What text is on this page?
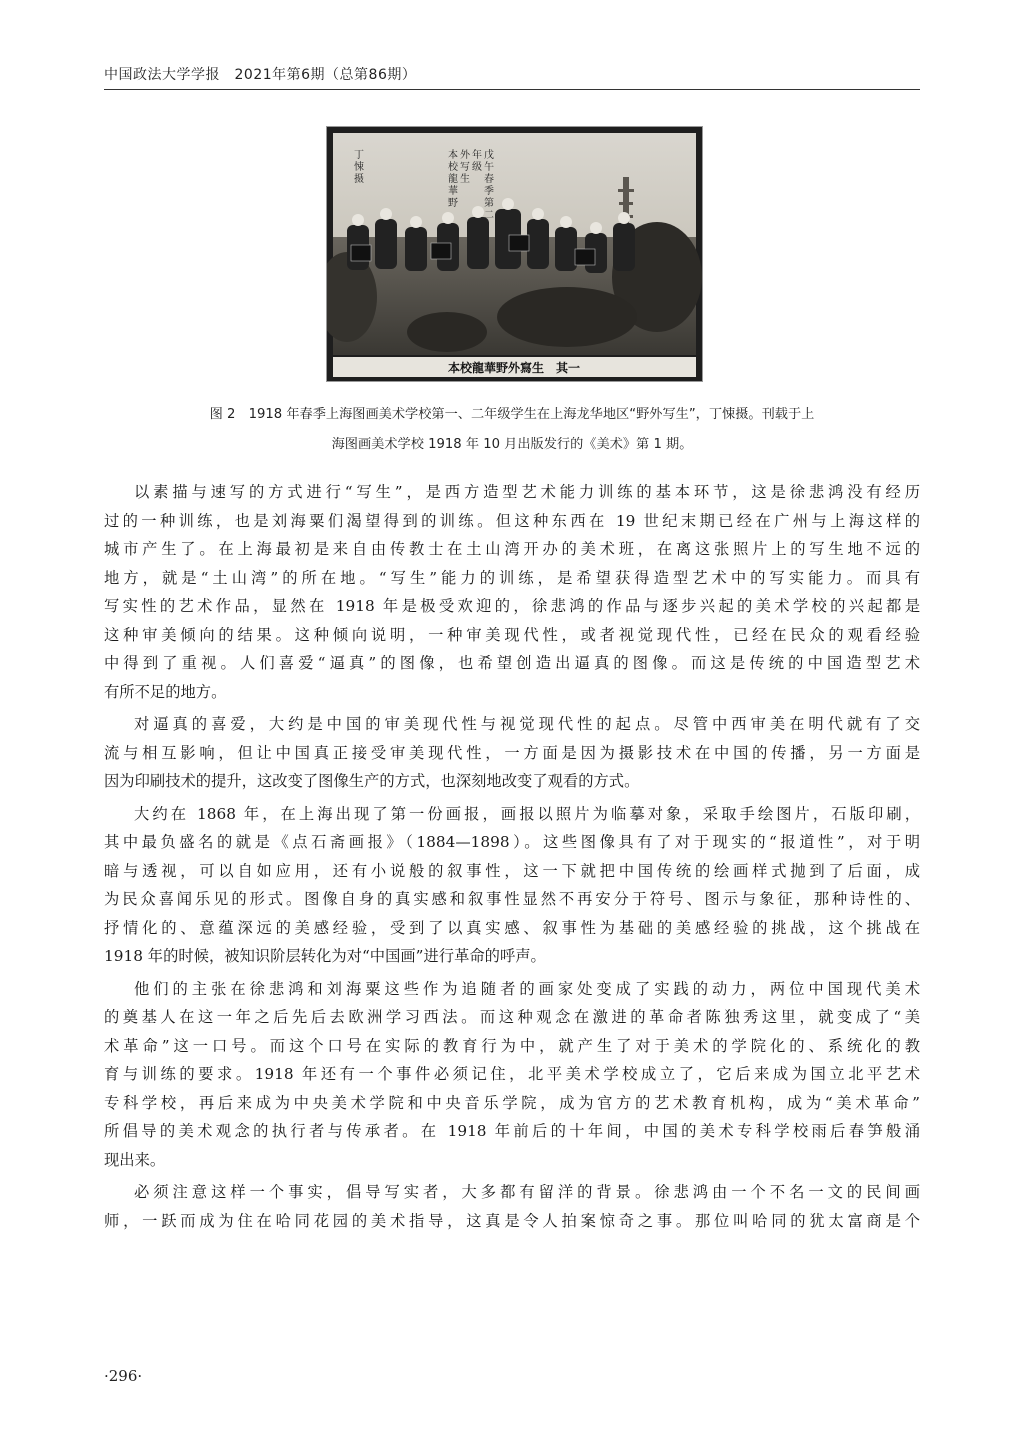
中国政法大学学报　2021年第6期（总第86期）
戊午春季第二
年级
外写生
本校龍華野
丁悚摄
本校龍華野外寫生　其一
图 2　1918 年春季上海图画美术学校第一、二年级学生在上海龙华地区“野外写生”，丁悚摄。刊载于上
海图画美术学校 1918 年 10 月出版发行的《美术》第 1 期。
以素描与速写的方式进行“写生”，是西方造型艺术能力训练的基本环节，这是徐悲鸿没有经历
过的一种训练，也是刘海粟们渴望得到的训练。但这种东西在 19 世纪末期已经在广州与上海这样的
城市产生了。在上海最初是来自由传教士在土山湾开办的美术班，在离这张照片上的写生地不远的
地方，就是“土山湾”的所在地。“写生”能力的训练，是希望获得造型艺术中的写实能力。而具有
写实性的艺术作品，显然在 1918 年是极受欢迎的，徐悲鸿的作品与逐步兴起的美术学校的兴起都是
这种审美倾向的结果。这种倾向说明，一种审美现代性，或者视觉现代性，已经在民众的观看经验
中得到了重视。人们喜爱“逼真”的图像，也希望创造出逼真的图像。而这是传统的中国造型艺术
有所不足的地方。
对逼真的喜爱，大约是中国的审美现代性与视觉现代性的起点。尽管中西审美在明代就有了交
流与相互影响，但让中国真正接受审美现代性，一方面是因为摄影技术在中国的传播，另一方面是
因为印刷技术的提升，这改变了图像生产的方式，也深刻地改变了观看的方式。
大约在 1868 年，在上海出现了第一份画报，画报以照片为临摹对象，采取手绘图片，石版印刷，
其中最负盛名的就是《点石斋画报》（1884—1898）。这些图像具有了对于现实的“报道性”，对于明
暗与透视，可以自如应用，还有小说般的叙事性，这一下就把中国传统的绘画样式抛到了后面，成
为民众喜闻乐见的形式。图像自身的真实感和叙事性显然不再安分于符号、图示与象征，那种诗性的、
抒情化的、意蕴深远的美感经验，受到了以真实感、叙事性为基础的美感经验的挑战，这个挑战在
1918 年的时候，被知识阶层转化为对“中国画”进行革命的呼声。
他们的主张在徐悲鸿和刘海粟这些作为追随者的画家处变成了实践的动力，两位中国现代美术
的奠基人在这一年之后先后去欧洲学习西法。而这种观念在激进的革命者陈独秀这里，就变成了“美
术革命”这一口号。而这个口号在实际的教育行为中，就产生了对于美术的学院化的、系统化的教
育与训练的要求。1918 年还有一个事件必须记住，北平美术学校成立了，它后来成为国立北平艺术
专科学校，再后来成为中央美术学院和中央音乐学院，成为官方的艺术教育机构，成为“美术革命”
所倡导的美术观念的执行者与传承者。在 1918 年前后的十年间，中国的美术专科学校雨后春笋般涌
现出来。
必须注意这样一个事实，倡导写实者，大多都有留洋的背景。徐悲鸿由一个不名一文的民间画
师，一跃而成为住在哈同花园的美术指导，这真是令人拍案惊奇之事。那位叫哈同的犹太富商是个
·296·
